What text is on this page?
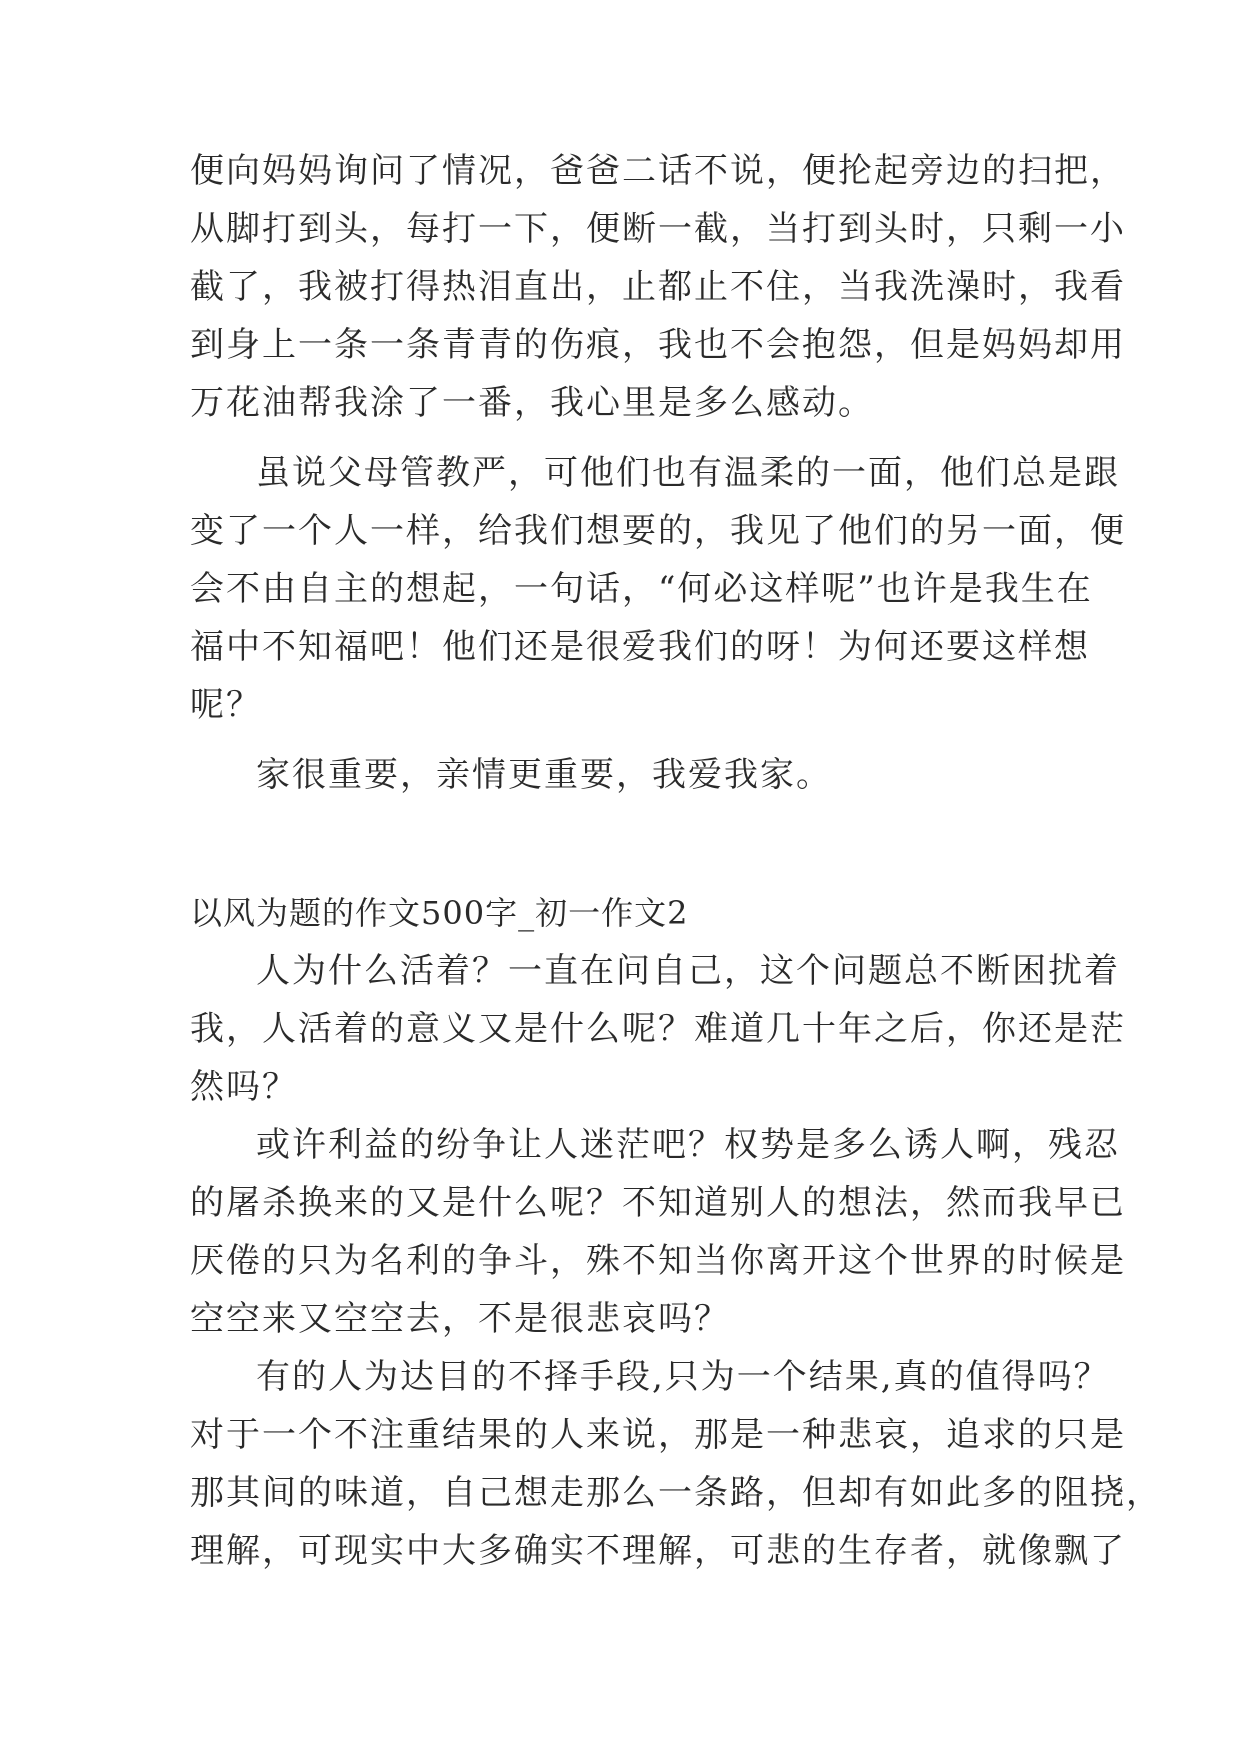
便向妈妈询问了情况，爸爸二话不说，便抡起旁边的扫把，
从脚打到头，每打一下，便断一截，当打到头时，只剩一小
截了，我被打得热泪直出，止都止不住，当我洗澡时，我看
到身上一条一条青青的伤痕，我也不会抱怨，但是妈妈却用
万花油帮我涂了一番，我心里是多么感动。
虽说父母管教严，可他们也有温柔的一面，他们总是跟
变了一个人一样，给我们想要的，我见了他们的另一面，便
会不由自主的想起，一句话，“何必这样呢”也许是我生在
福中不知福吧！他们还是很爱我们的呀！为何还要这样想
呢？
家很重要，亲情更重要，我爱我家。
以风为题的作文500字_初一作文2
人为什么活着？一直在问自己，这个问题总不断困扰着
我，人活着的意义又是什么呢？难道几十年之后，你还是茫
然吗？
或许利益的纷争让人迷茫吧？权势是多么诱人啊，残忍
的屠杀换来的又是什么呢？不知道别人的想法，然而我早已
厌倦的只为名利的争斗，殊不知当你离开这个世界的时候是
空空来又空空去，不是很悲哀吗？
有的人为达目的不择手段,只为一个结果,真的值得吗？
对于一个不注重结果的人来说，那是一种悲哀，追求的只是
那其间的味道，自己想走那么一条路，但却有如此多的阻挠，
理解，可现实中大多确实不理解，可悲的生存者，就像飘了
